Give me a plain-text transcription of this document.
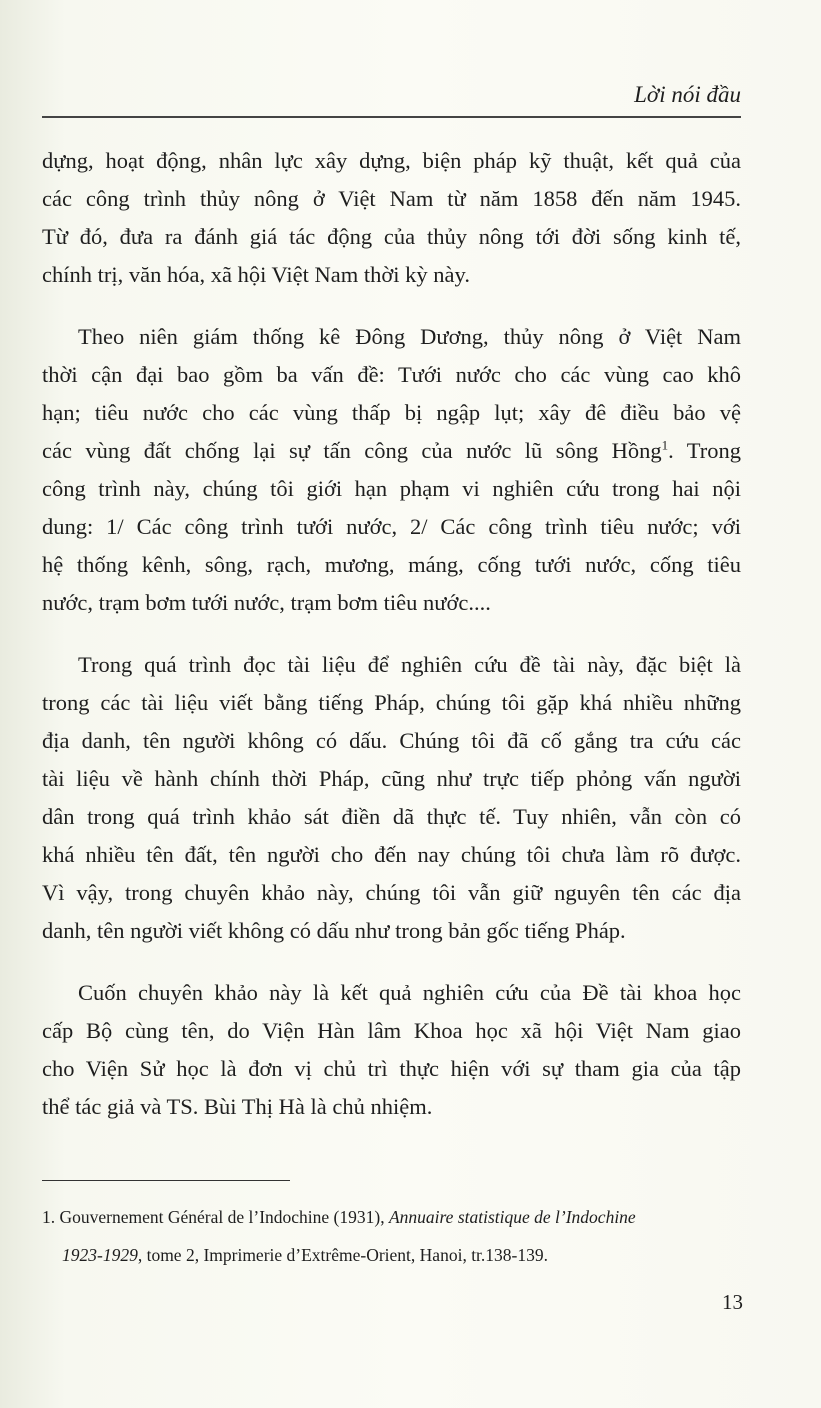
Lời nói đầu
dựng, hoạt động, nhân lực xây dựng, biện pháp kỹ thuật, kết quả của
các công trình thủy nông ở Việt Nam từ năm 1858 đến năm 1945.
Từ đó, đưa ra đánh giá tác động của thủy nông tới đời sống kinh tế,
chính trị, văn hóa, xã hội Việt Nam thời kỳ này.
Theo niên giám thống kê Đông Dương, thủy nông ở Việt Nam
thời cận đại bao gồm ba vấn đề: Tưới nước cho các vùng cao khô
hạn; tiêu nước cho các vùng thấp bị ngập lụt; xây đê điều bảo vệ
các vùng đất chống lại sự tấn công của nước lũ sông Hồng$^1$. Trong
công trình này, chúng tôi giới hạn phạm vi nghiên cứu trong hai nội
dung: 1/ Các công trình tưới nước, 2/ Các công trình tiêu nước; với
hệ thống kênh, sông, rạch, mương, máng, cống tưới nước, cống tiêu
nước, trạm bơm tưới nước, trạm bơm tiêu nước....
Trong quá trình đọc tài liệu để nghiên cứu đề tài này, đặc biệt là
trong các tài liệu viết bằng tiếng Pháp, chúng tôi gặp khá nhiều những
địa danh, tên người không có dấu. Chúng tôi đã cố gắng tra cứu các
tài liệu về hành chính thời Pháp, cũng như trực tiếp phỏng vấn người
dân trong quá trình khảo sát điền dã thực tế. Tuy nhiên, vẫn còn có
khá nhiều tên đất, tên người cho đến nay chúng tôi chưa làm rõ được.
Vì vậy, trong chuyên khảo này, chúng tôi vẫn giữ nguyên tên các địa
danh, tên người viết không có dấu như trong bản gốc tiếng Pháp.
Cuốn chuyên khảo này là kết quả nghiên cứu của Đề tài khoa học
cấp Bộ cùng tên, do Viện Hàn lâm Khoa học xã hội Việt Nam giao
cho Viện Sử học là đơn vị chủ trì thực hiện với sự tham gia của tập
thể tác giả và TS. Bùi Thị Hà là chủ nhiệm.
1. Gouvernement Général de l’Indochine (1931), Annuaire statistique de l’Indochine
1923-1929, tome 2, Imprimerie d’Extrême-Orient, Hanoi, tr.138-139.
13
